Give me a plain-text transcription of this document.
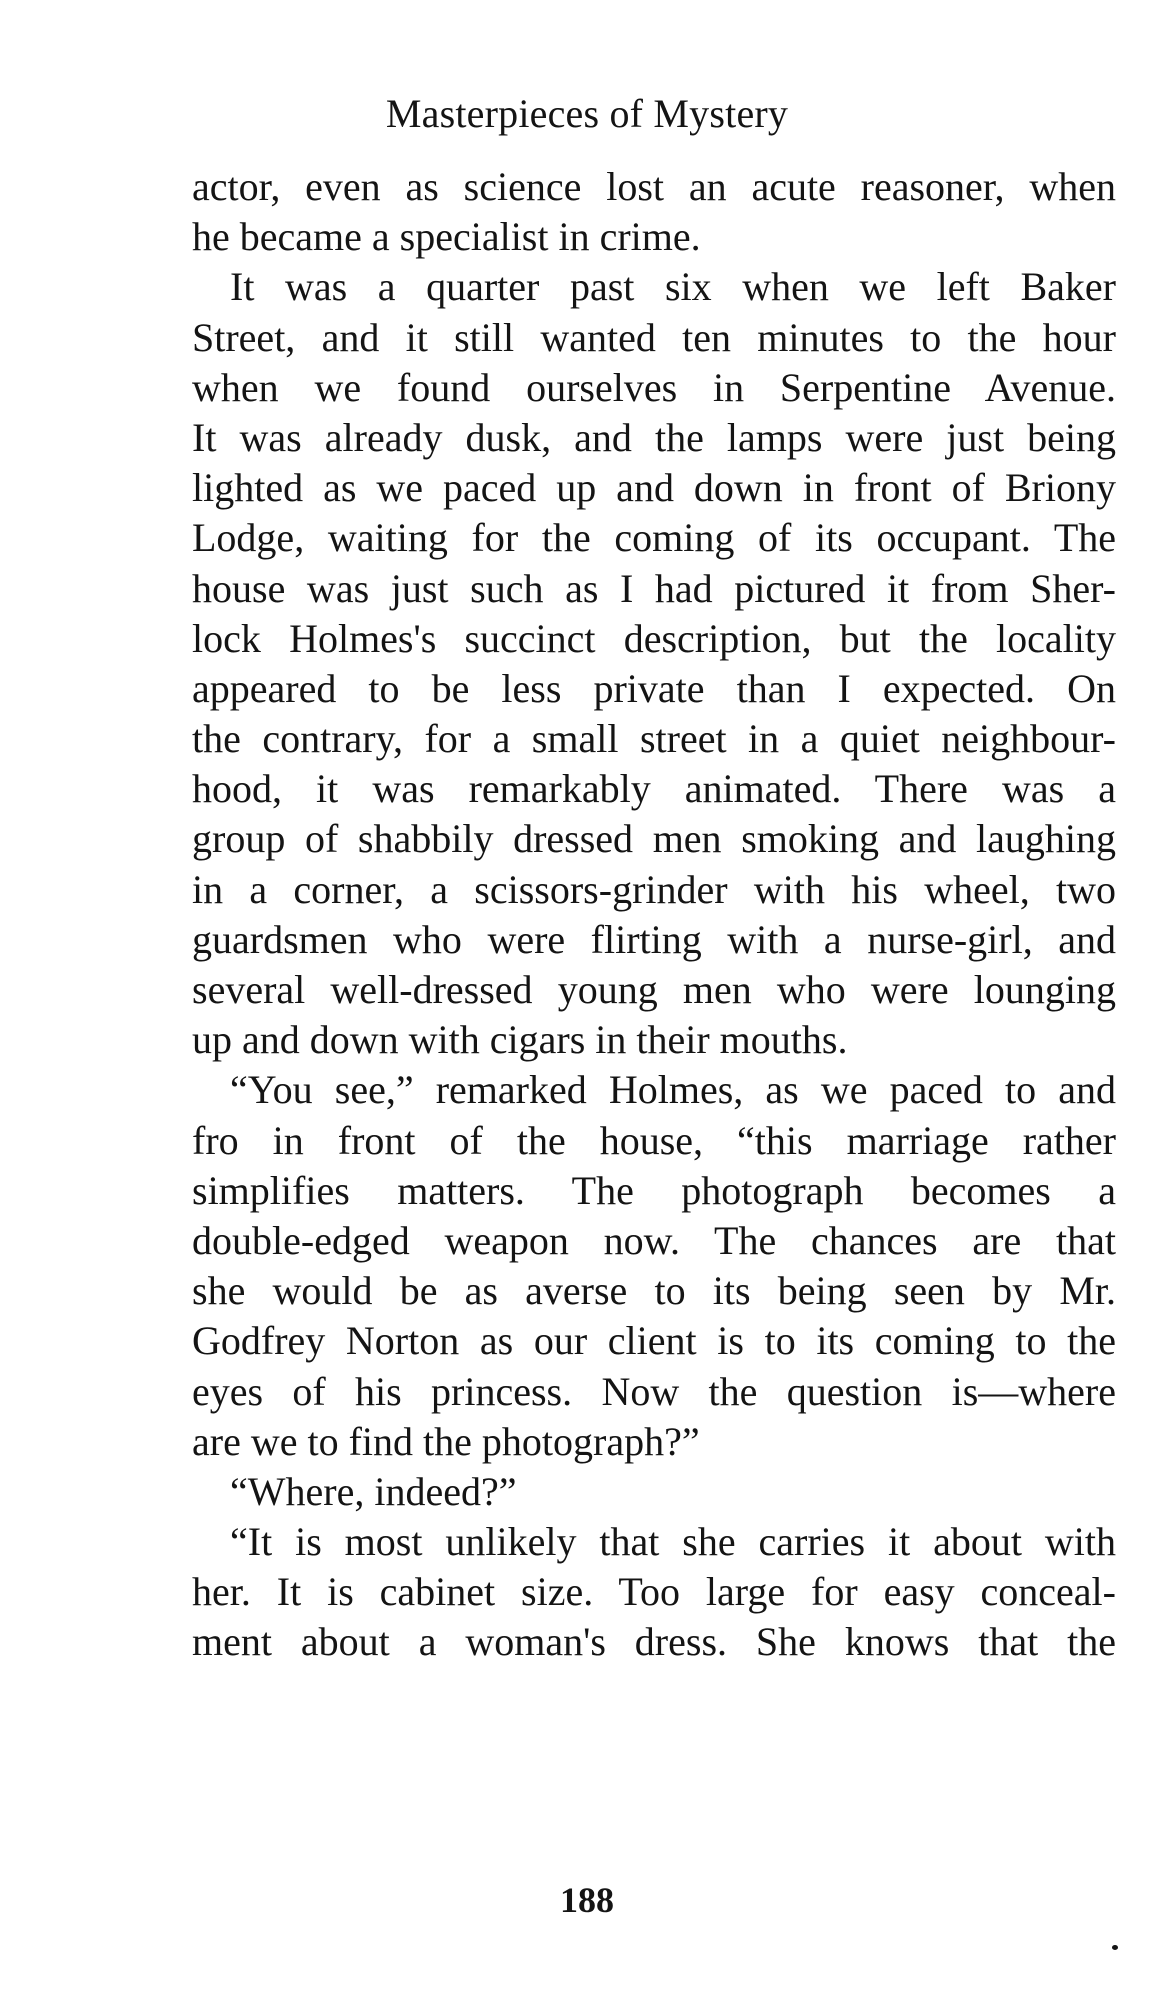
Masterpieces of Mystery
actor, even as science lost an acute reasoner, when
he became a specialist in crime.
It was a quarter past six when we left Baker
Street, and it still wanted ten minutes to the hour
when we found ourselves in Serpentine Avenue.
It was already dusk, and the lamps were just being
lighted as we paced up and down in front of Briony
Lodge, waiting for the coming of its occupant. The
house was just such as I had pictured it from Sher-
lock Holmes's succinct description, but the locality
appeared to be less private than I expected. On
the contrary, for a small street in a quiet neighbour-
hood, it was remarkably animated. There was a
group of shabbily dressed men smoking and laughing
in a corner, a scissors-grinder with his wheel, two
guardsmen who were flirting with a nurse-girl, and
several well-dressed young men who were lounging
up and down with cigars in their mouths.
“You see,” remarked Holmes, as we paced to and
fro in front of the house, “this marriage rather
simplifies matters. The photograph becomes a
double-edged weapon now. The chances are that
she would be as averse to its being seen by Mr.
Godfrey Norton as our client is to its coming to the
eyes of his princess. Now the question is—where
are we to find the photograph?”
“Where, indeed?”
“It is most unlikely that she carries it about with
her. It is cabinet size. Too large for easy conceal-
ment about a woman's dress. She knows that the
188
